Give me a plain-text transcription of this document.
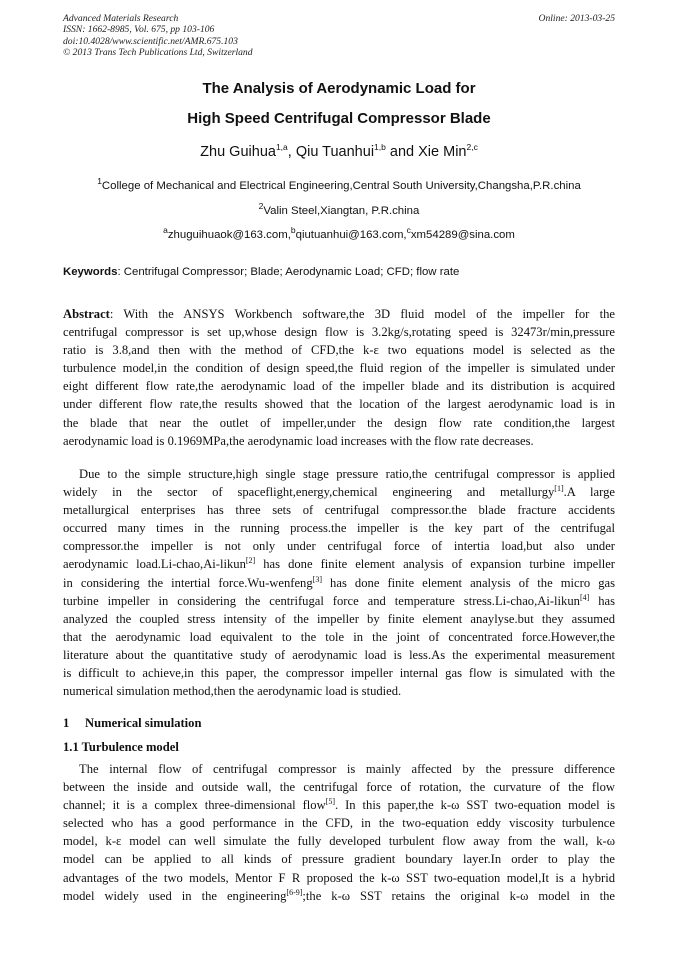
Advanced Materials Research
ISSN: 1662-8985, Vol. 675, pp 103-106
doi:10.4028/www.scientific.net/AMR.675.103
© 2013 Trans Tech Publications Ltd, Switzerland
Online: 2013-03-25
The Analysis of Aerodynamic Load for
High Speed Centrifugal Compressor Blade
Zhu Guihua$^{1,a}$, Qiu Tuanhui$^{1,b}$ and Xie Min$^{2,c}$
$^1$College of Mechanical and Electrical Engineering,Central South University,Changsha,P.R.china
$^2$Valin Steel,Xiangtan, P.R.china
$^a$zhuguihuaok@163.com,$^b$qiutuanhui@163.com,$^c$xm54289@sina.com
Keywords: Centrifugal Compressor; Blade; Aerodynamic Load; CFD; flow rate
Abstract: With the ANSYS Workbench software,the 3D fluid model of the impeller for the
centrifugal compressor is set up,whose design flow is 3.2kg/s,rotating speed is 32473r/min,pressure
ratio is 3.8,and then with the method of CFD,the k-ε two equations model is selected as the
turbulence model,in the condition of design speed,the fluid region of the impeller is simulated under
eight different flow rate,the aerodynamic load of the impeller blade and its distribution is acquired
under different flow rate,the results showed that the location of the largest aerodynamic load is in
the blade that near the outlet of impeller,under the design flow rate condition,the largest
aerodynamic load is 0.1969MPa,the aerodynamic load increases with the flow rate decreases.
Due to the simple structure,high single stage pressure ratio,the centrifugal compressor is applied
widely in the sector of spaceflight,energy,chemical engineering and metallurgy[1].A large
metallurgical enterprises has three sets of centrifugal compressor.the blade fracture accidents
occurred many times in the running process.the impeller is the key part of the centrifugal
compressor.the impeller is not only under centrifugal force of intertia load,but also under
aerodynamic load.Li-chao,Ai-likun[2] has done finite element analysis of expansion turbine impeller
in considering the intertial force.Wu-wenfeng[3] has done finite element analysis of the micro gas
turbine impeller in considering the centrifugal force and temperature stress.Li-chao,Ai-likun[4] has
analyzed the coupled stress intensity of the impeller by finite element anaylyse.but they assumed
that the aerodynamic load equivalent to the tole in the joint of concentrated force.However,the
literature about the quantitative study of aerodynamic load is less.As the experimental measurement
is difficult to achieve,in this paper, the compressor impeller internal gas flow is simulated with the
numerical simulation method,then the aerodynamic load is studied.
1 Numerical simulation
1.1 Turbulence model
The internal flow of centrifugal compressor is mainly affected by the pressure difference
between the inside and outside wall, the centrifugal force of rotation, the curvature of the flow
channel; it is a complex three-dimensional flow[5]. In this paper,the k-ω SST two-equation model is
selected who has a good performance in the CFD, in the two-equation eddy viscosity turbulence
model, k-ε model can well simulate the fully developed turbulent flow away from the wall, k-ω
model can be applied to all kinds of pressure gradient boundary layer.In order to play the
advantages of the two models, Mentor F R proposed the k-ω SST two-equation model,It is a hybrid
model widely used in the engineering[6-9];the k-ω SST retains the original k-ω model in the
